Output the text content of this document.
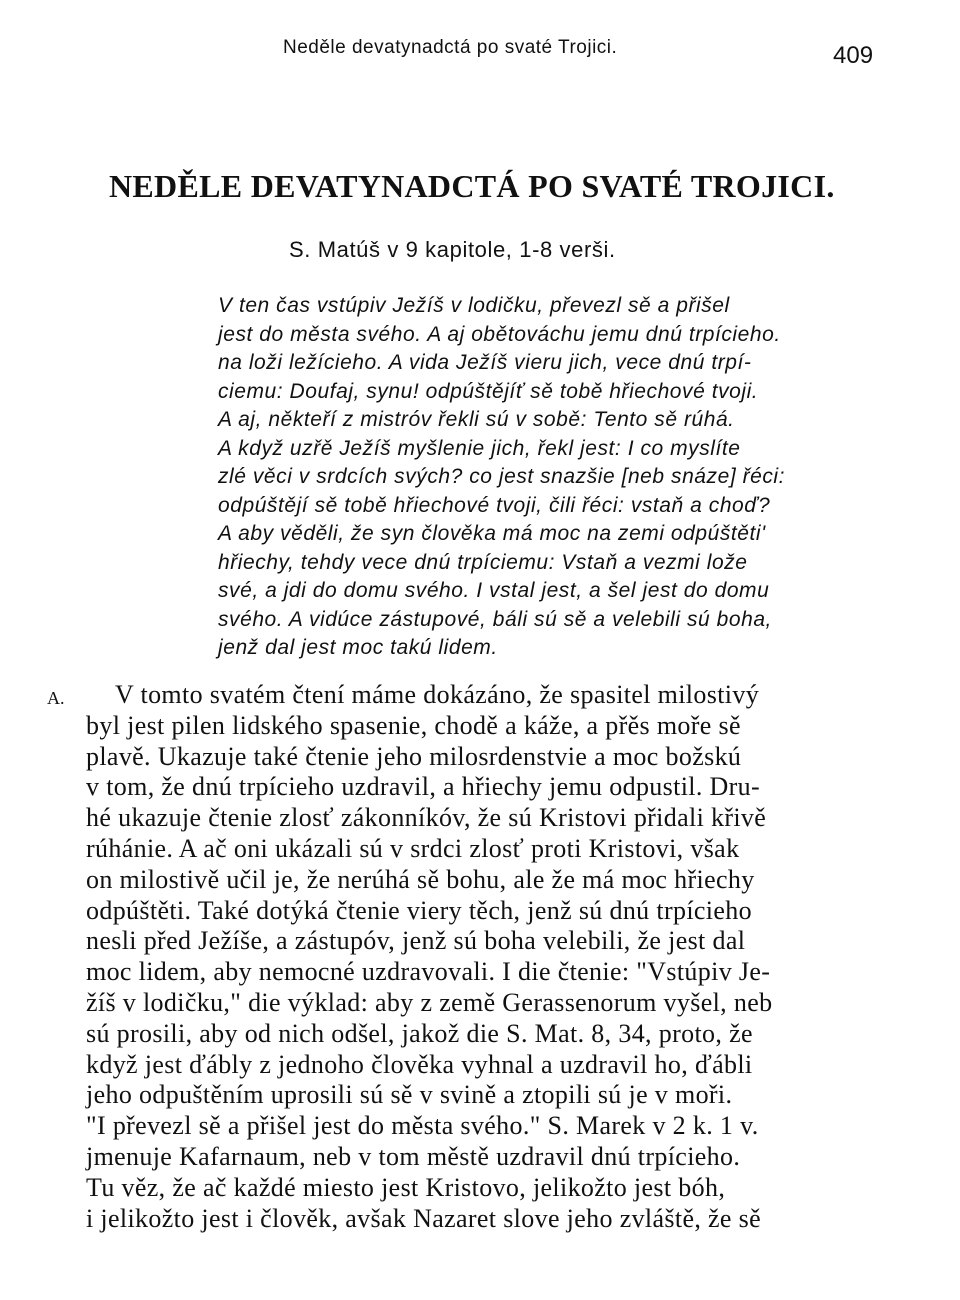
Neděle devatynadctá po svaté Trojici.	409
NEDĚLE DEVATYNADCTÁ PO SVATÉ TROJICI.
S. Matúš v 9 kapitole, 1-8 verši.
V ten čas vstúpiv Ježíš v lodičku, převezl sě a přišel
jest do města svého. A aj obětováchu jemu dnú trpícieho.
na loži ležícieho. A vida Ježíš vieru jich, vece dnú trpí-
ciemu: Doufaj, synu! odpúštějíť sě tobě hřiechové tvoji.
A aj, někteří z mistróv řekli sú v sobě: Tento sě rúhá.
A když uzřě Ježíš myšlenie jich, řekl jest: I co myslíte
zlé věci v srdcích svých? co jest snazšie [neb snáze] řéci:
odpúštějí sě tobě hřiechové tvoji, čili řéci: vstaň a choď?
A aby věděli, že syn člověka má moc na zemi odpúštěti'
hřiechy, tehdy vece dnú trpíciemu: Vstaň a vezmi lože
své, a jdi do domu svého. I vstal jest, a šel jest do domu
svého. A vidúce zástupové, báli sú sě a velebili sú boha,
jenž dal jest moc takú lidem.
A.	V tomto svatém čtení máme dokázáno, že spasitel milostivý
byl jest pilen lidského spasenie, chodě a káže, a přěs moře sě
plavě. Ukazuje také čtenie jeho milosrdenstvie a moc božskú
v tom, že dnú trpícieho uzdravil, a hřiechy jemu odpustil. Dru-
hé ukazuje čtenie zlosť zákonníkóv, že sú Kristovi přidali křivě
rúhánie. A ač oni ukázali sú v srdci zlosť proti Kristovi, však
on milostivě učil je, že nerúhá sě bohu, ale že má moc hřiechy
odpúštěti. Také dotýká čtenie viery těch, jenž sú dnú trpícieho
nesli před Ježíše, a zástupóv, jenž sú boha velebili, že jest dal
moc lidem, aby nemocné uzdravovali. I die čtenie: "Vstúpiv Je-
žíš v lodičku," die výklad: aby z země Gerassenorum vyšel, neb
sú prosili, aby od nich odšel, jakož die S. Mat. 8, 34, proto, že
když jest ďábly z jednoho člověka vyhnal a uzdravil ho, ďábli
jeho odpuštěním uprosili sú sě v svině a ztopili sú je v moři.
"I převezl sě a přišel jest do města svého." S. Marek v 2 k. 1 v.
jmenuje Kafarnaum, neb v tom městě uzdravil dnú trpícieho.
Tu věz, že ač každé miesto jest Kristovo, jelikožto jest bóh,
i jelikožto jest i člověk, avšak Nazaret slove jeho zvláště, že sě
